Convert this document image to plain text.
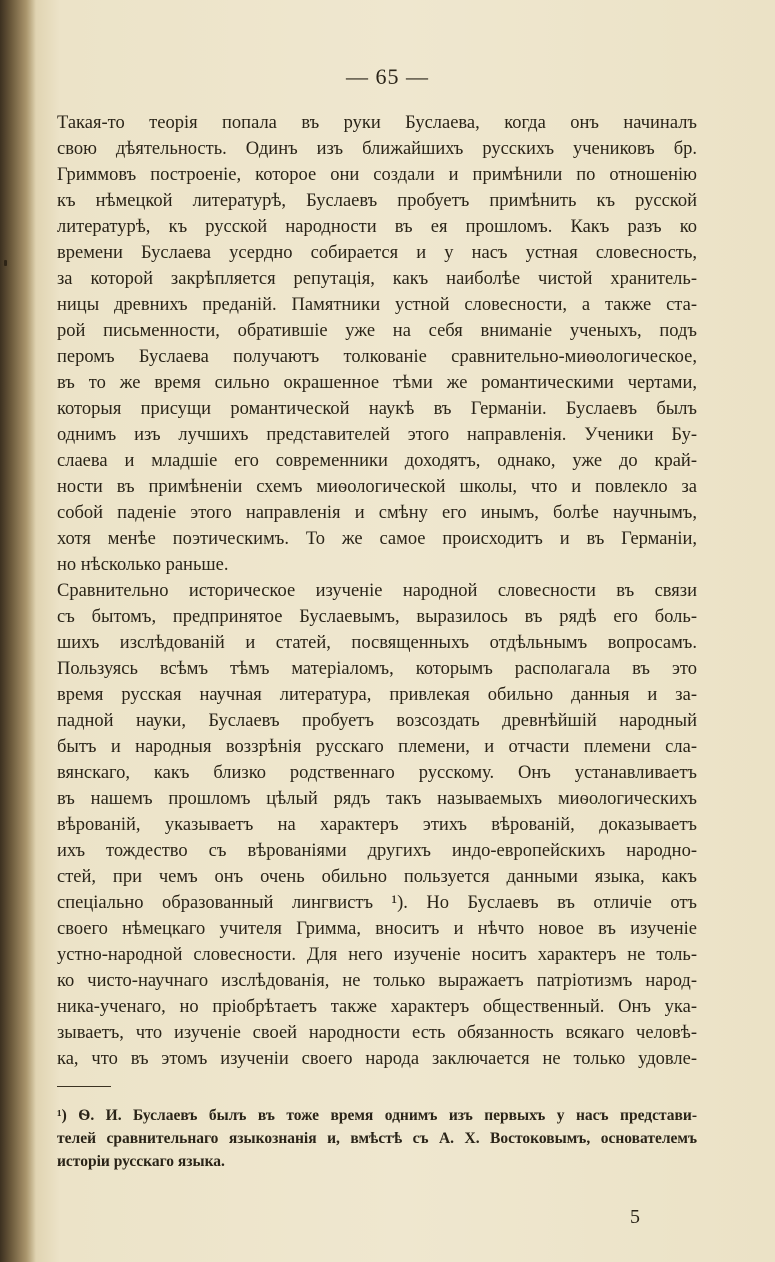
— 65 —
Такая-то теорія попала въ руки Буслаева, когда онъ начиналъ
свою дѣятельность. Одинъ изъ ближайшихъ русскихъ учениковъ бр.
Гриммовъ построеніе, которое они создали и примѣнили по отношенію
къ нѣмецкой литературѣ, Буслаевъ пробуетъ примѣнить къ русской
литературѣ, къ русской народности въ ея прошломъ. Какъ разъ ко
времени Буслаева усердно собирается и у насъ устная словесность,
за которой закрѣпляется репутація, какъ наиболѣе чистой хранитель-
ницы древнихъ преданій. Памятники устной словесности, а также ста-
рой письменности, обратившіе уже на себя вниманіе ученыхъ, подъ
перомъ Буслаева получаютъ толкованіе сравнительно-миѳологическое,
въ то же время сильно окрашенное тѣми же романтическими чертами,
которыя присущи романтической наукѣ въ Германіи. Буслаевъ былъ
однимъ изъ лучшихъ представителей этого направленія. Ученики Бу-
слаева и младшіе его современники доходятъ, однако, уже до край-
ности въ примѣненіи схемъ миѳологической школы, что и повлекло за
собой паденіе этого направленія и смѣну его инымъ, болѣе научнымъ,
хотя менѣе поэтическимъ. То же самое происходитъ и въ Германіи,
но нѣсколько раньше.
Сравнительно историческое изученіе народной словесности въ связи
съ бытомъ, предпринятое Буслаевымъ, выразилось въ рядѣ его боль-
шихъ изслѣдованій и статей, посвященныхъ отдѣльнымъ вопросамъ.
Пользуясь всѣмъ тѣмъ матеріаломъ, которымъ располагала въ это
время русская научная литература, привлекая обильно данныя и за-
падной науки, Буслаевъ пробуетъ возсоздать древнѣйшій народный
бытъ и народныя воззрѣнія русскаго племени, и отчасти племени сла-
вянскаго, какъ близко родственнаго русскому. Онъ устанавливаетъ
въ нашемъ прошломъ цѣлый рядъ такъ называемыхъ миѳологическихъ
вѣрованій, указываетъ на характеръ этихъ вѣрованій, доказываетъ
ихъ тождество съ вѣрованіями другихъ индо-европейскихъ народно-
стей, при чемъ онъ очень обильно пользуется данными языка, какъ
спеціально образованный лингвистъ ¹). Но Буслаевъ въ отличіе отъ
своего нѣмецкаго учителя Гримма, вноситъ и нѣчто новое въ изученіе
устно-народной словесности. Для него изученіе носитъ характеръ не толь-
ко чисто-научнаго изслѣдованія, не только выражаетъ патріотизмъ народ-
ника-ученаго, но пріобрѣтаетъ также характеръ общественный. Онъ ука-
зываетъ, что изученіе своей народности есть обязанность всякаго человѣ-
ка, что въ этомъ изученіи своего народа заключается не только удовле-
¹) Ѳ. И. Буслаевъ былъ въ тоже время однимъ изъ первыхъ у насъ представи-
телей сравнительнаго языкознанія и, вмѣстѣ съ А. Х. Востоковымъ, основателемъ
исторіи русскаго языка.
5
